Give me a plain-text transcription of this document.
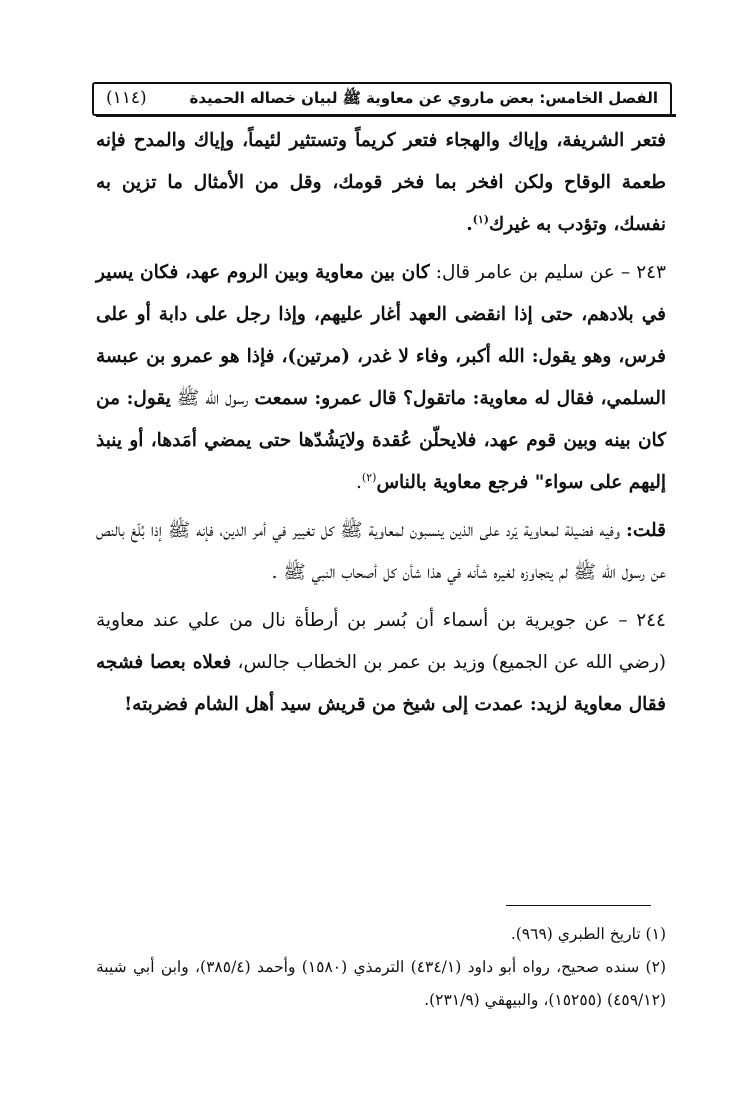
الفصل الخامس: بعض ماروي عن معاوية ﷺ لبيان خصاله الحميدة
(١١٤)

فتعر الشريفة، وإياك والهجاء فتعر كريماً وتستثير لئيماً، وإياك والمدح فإنه طعمة الوقاح ولكن افخر بما فخر قومك، وقل من الأمثال ما تزين به نفسك، وتؤدب به غيرك$^{(١)}$.

٢٤٣ – عن سليم بن عامر قال: كان بين معاوية وبين الروم عهد، فكان يسير في بلادهم، حتى إذا انقضى العهد أغار عليهم، وإذا رجل على دابة أو على فرس، وهو يقول: الله أكبر، وفاء لا غدر، (مرتين)، فإذا هو عمرو بن عبسة السلمي، فقال له معاوية: ماتقول؟ قال عمرو: سمعت رسول الله ﷺ يقول: من كان بينه وبين قوم عهد، فلايحلّن عُقدة ولايَشُدّها حتى يمضي أمَدها، أو ينبذ إليهم على سواء" فرجع معاوية بالناس$^{(٢)}$.

قلت: وفيه فضيلة لمعاوية يَرد على الذين ينسبون لمعاوية ﷺ كل تغيير في أمر الدين، فإنه ﷺ إذا بُلّغ بالنص عن رسول الله ﷺ لم يتجاوزه لغيره شأنه في هذا شأن كل أصحاب النبي ﷺ .

٢٤٤ – عن جويرية بن أسماء أن بُسر بن أرطأة نال من علي عند معاوية (رضي الله عن الجميع) وزيد بن عمر بن الخطاب جالس، فعلاه بعصا فشجه فقال معاوية لزيد: عمدت إلى شيخ من قريش سيد أهل الشام فضربته!

(١) تاريخ الطبري (٩٦٩).

(٢) سنده صحيح، رواه أبو داود (٤٣٤/١) الترمذي (١٥٨٠) وأحمد (٣٨٥/٤)، وابن أبي شيبة (٤٥٩/١٢) (١٥٢٥٥)، والبيهقي (٢٣١/٩).
